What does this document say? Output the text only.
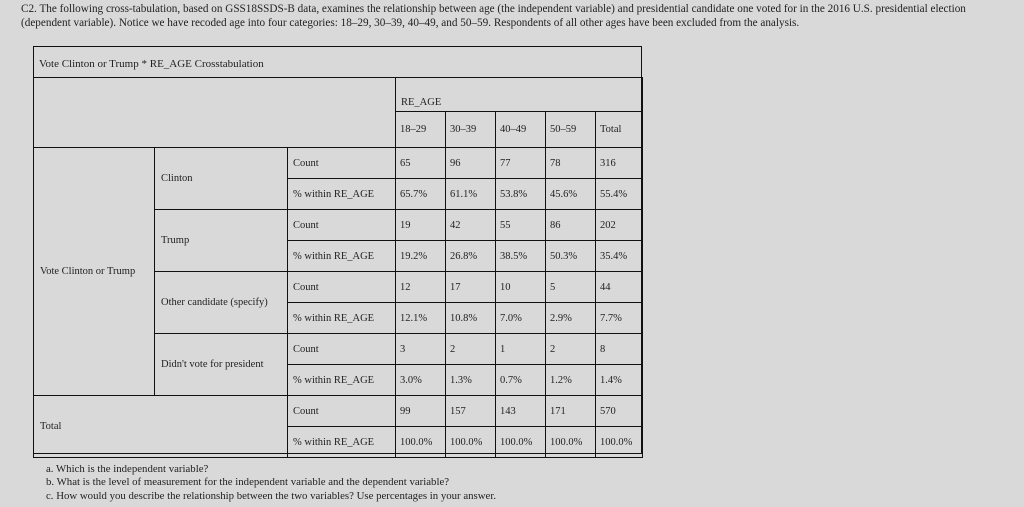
C2. The following cross-tabulation, based on GSS18SSDS-B data, examines the relationship between age (the independent variable) and presidential candidate one voted for in the 2016 U.S. presidential election
(dependent variable). Notice we have recoded age into four categories: 18–29, 30–39, 40–49, and 50–59. Respondents of all other ages have been excluded from the analysis.
Vote Clinton or Trump * RE_AGE Crosstabulation
			RE_AGE				
			18–29	30–39	40–49	50–59	Total
Vote Clinton or Trump	Clinton	Count	65	96	77	78	316
		% within RE_AGE	65.7%	61.1%	53.8%	45.6%	55.4%
	Trump	Count	19	42	55	86	202
		% within RE_AGE	19.2%	26.8%	38.5%	50.3%	35.4%
	Other candidate (specify)	Count	12	17	10	5	44
		% within RE_AGE	12.1%	10.8%	7.0%	2.9%	7.7%
	Didn't vote for president	Count	3	2	1	2	8
		% within RE_AGE	3.0%	1.3%	0.7%	1.2%	1.4%
Total		Count	99	157	143	171	570
		% within RE_AGE	100.0%	100.0%	100.0%	100.0%	100.0%
a. Which is the independent variable?
b. What is the level of measurement for the independent variable and the dependent variable?
c. How would you describe the relationship between the two variables? Use percentages in your answer.
